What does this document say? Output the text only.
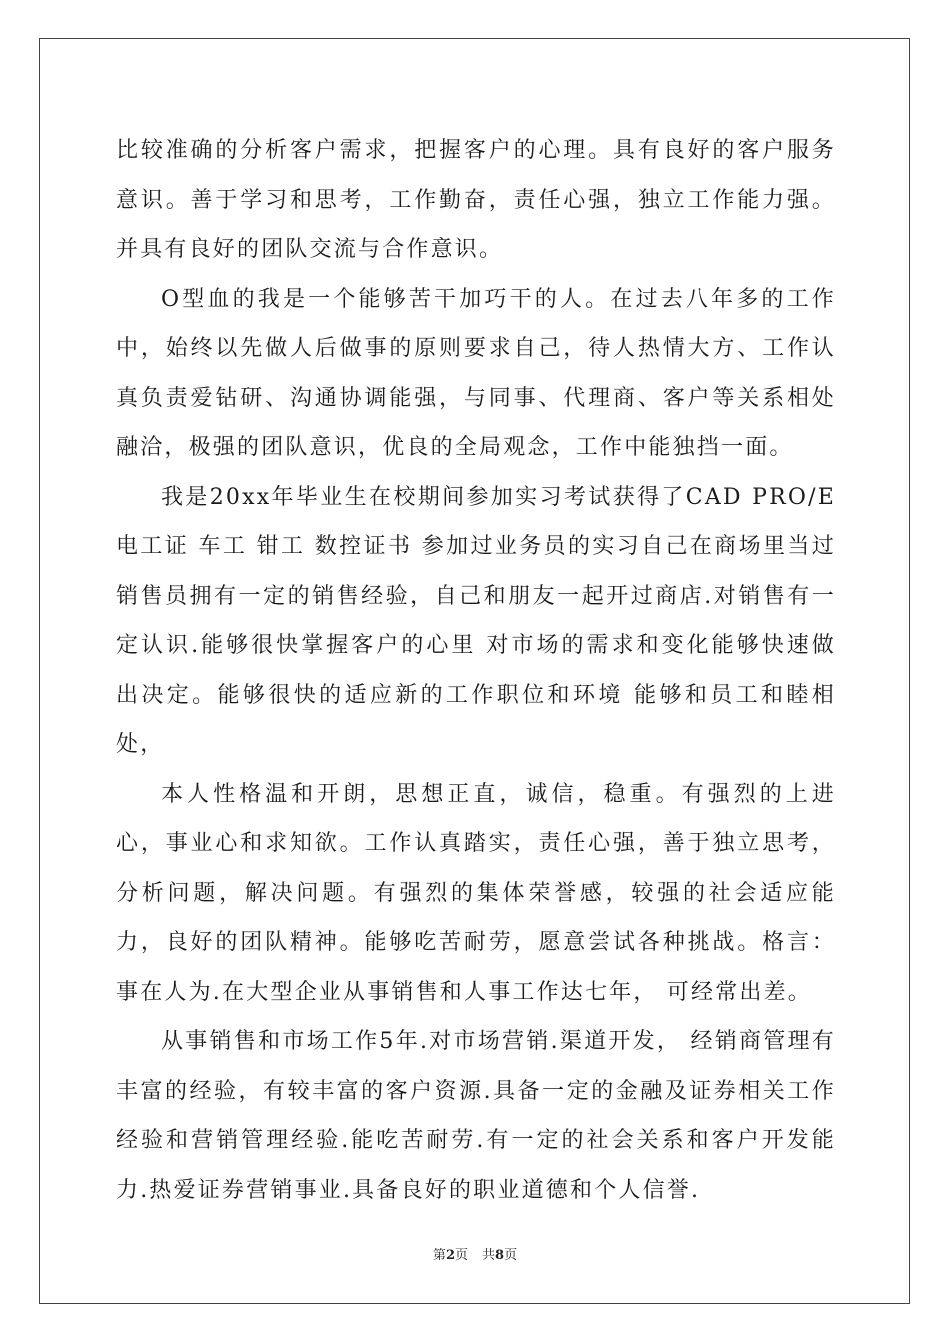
比较准确的分析客户需求，把握客户的心理。具有良好的客户服务意识。善于学习和思考，工作勤奋，责任心强，独立工作能力强。并具有良好的团队交流与合作意识。

O型血的我是一个能够苦干加巧干的人。在过去八年多的工作中，始终以先做人后做事的原则要求自己，待人热情大方、工作认真负责爱钻研、沟通协调能强，与同事、代理商、客户等关系相处融洽，极强的团队意识，优良的全局观念，工作中能独挡一面。

我是20xx年毕业生在校期间参加实习考试获得了CAD PRO/E 电工证 车工 钳工 数控证书 参加过业务员的实习自己在商场里当过销售员拥有一定的销售经验，自己和朋友一起开过商店.对销售有一定认识.能够很快掌握客户的心里 对市场的需求和变化能够快速做出决定。能够很快的适应新的工作职位和环境 能够和员工和睦相处，

本人性格温和开朗，思想正直，诚信，稳重。有强烈的上进心，事业心和求知欲。工作认真踏实，责任心强，善于独立思考，分析问题，解决问题。有强烈的集体荣誉感，较强的社会适应能力，良好的团队精神。能够吃苦耐劳，愿意尝试各种挑战。格言：事在人为.在大型企业从事销售和人事工作达七年， 可经常出差。

从事销售和市场工作5年.对市场营销.渠道开发， 经销商管理有丰富的经验，有较丰富的客户资源.具备一定的金融及证券相关工作经验和营销管理经验.能吃苦耐劳.有一定的社会关系和客户开发能力.热爱证券营销事业.具备良好的职业道德和个人信誉.

第2页 共8页
